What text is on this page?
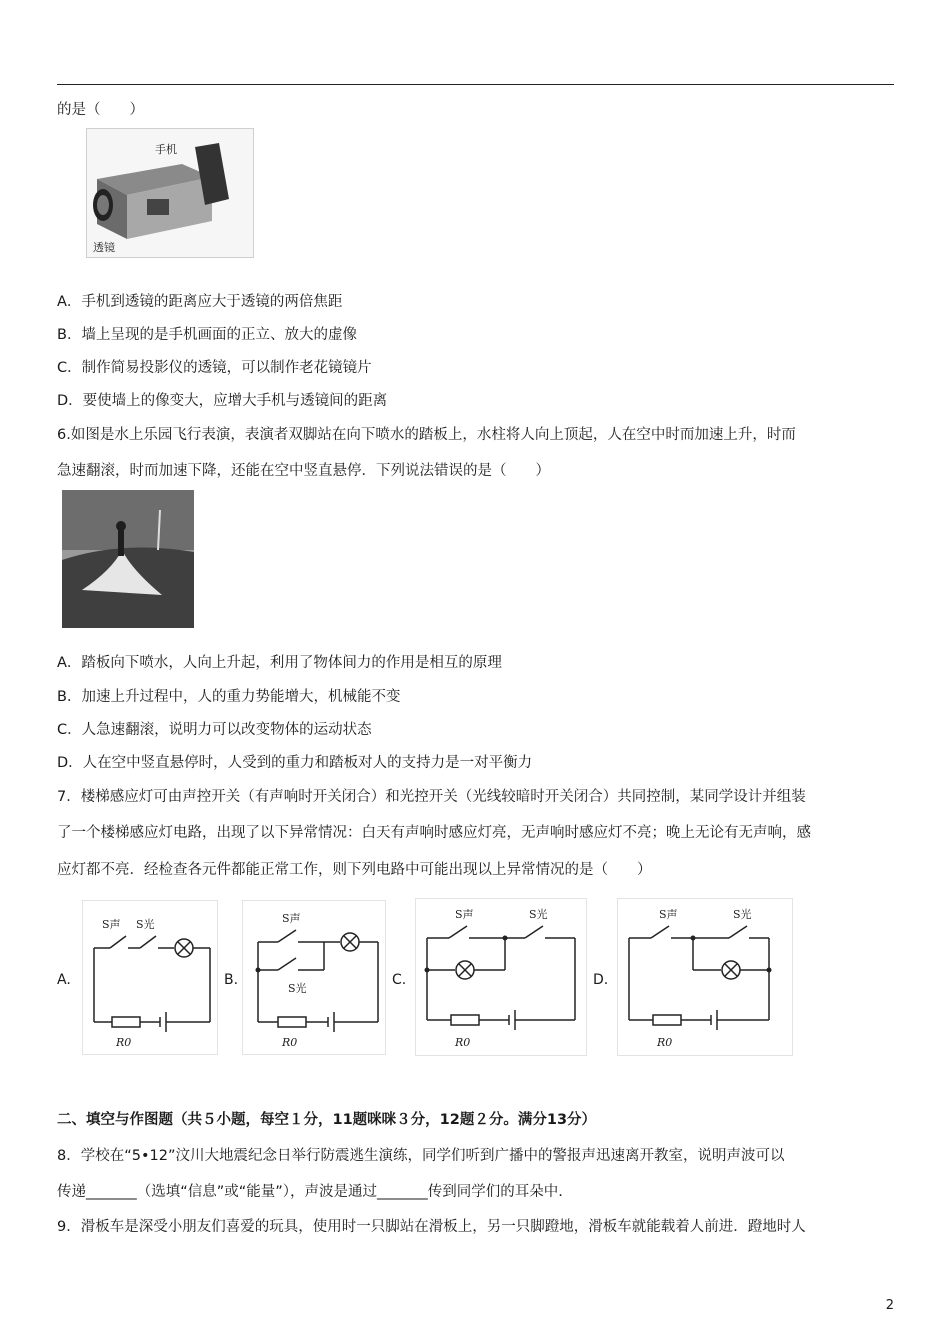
的是（　　）
手机
透镜
A．手机到透镜的距离应大于透镜的两倍焦距
B．墙上呈现的是手机画面的正立、放大的虚像
C．制作简易投影仪的透镜，可以制作老花镜镜片
D．要使墙上的像变大，应增大手机与透镜间的距离
6.如图是水上乐园飞行表演，表演者双脚站在向下喷水的踏板上，水柱将人向上顶起，人在空中时而加速上升，时而
急速翻滚，时而加速下降，还能在空中竖直悬停．下列说法错误的是（　　）
A．踏板向下喷水，人向上升起，利用了物体间力的作用是相互的原理
B．加速上升过程中，人的重力势能增大，机械能不变
C．人急速翻滚，说明力可以改变物体的运动状态
D．人在空中竖直悬停时，人受到的重力和踏板对人的支持力是一对平衡力
7．楼梯感应灯可由声控开关（有声响时开关闭合）和光控开关（光线较暗时开关闭合）共同控制，某同学设计并组装
了一个楼梯感应灯电路，出现了以下异常情况：白天有声响时感应灯亮，无声响时感应灯不亮；晚上无论有无声响，感
应灯都不亮．经检查各元件都能正常工作，则下列电路中可能出现以上异常情况的是（　　）
A.	B.	C.	D.
S声 S光
R0
S声
S光
R0
S声	S光
R0
S声	S光
R0
二、填空与作图题（共５小题，每空１分，11题咪咪３分，12题２分。满分13分）
8．学校在“5•12”汶川大地震纪念日举行防震逃生演练，同学们听到广播中的警报声迅速离开教室，说明声波可以
传递_______（选填“信息”或“能量”），声波是通过_______传到同学们的耳朵中.
9．滑板车是深受小朋友们喜爱的玩具，使用时一只脚站在滑板上，另一只脚蹬地，滑板车就能载着人前进．蹬地时人
2
